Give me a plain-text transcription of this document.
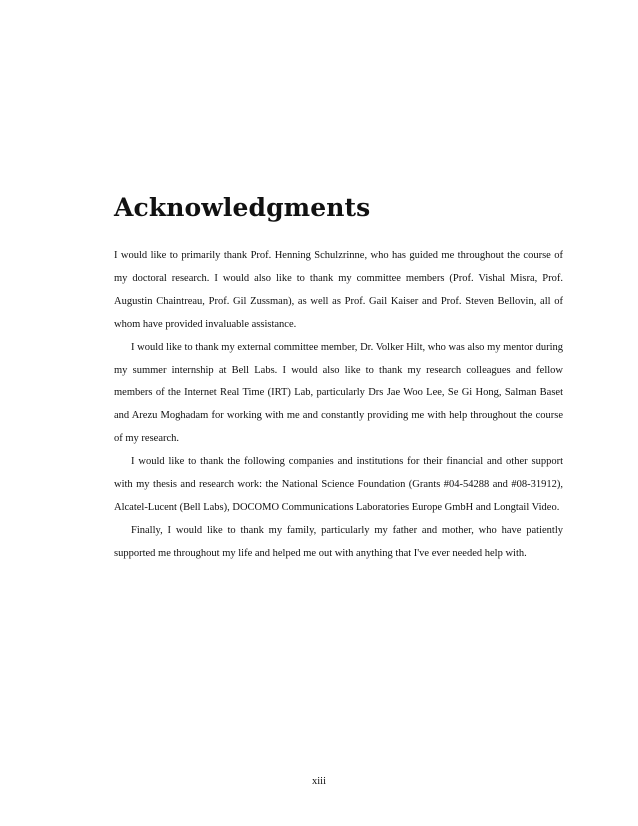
Acknowledgments

I would like to primarily thank Prof. Henning Schulzrinne, who has guided me throughout the course of my doctoral research. I would also like to thank my committee members (Prof. Vishal Misra, Prof. Augustin Chaintreau, Prof. Gil Zussman), as well as Prof. Gail Kaiser and Prof. Steven Bellovin, all of whom have provided invaluable assistance.

I would like to thank my external committee member, Dr. Volker Hilt, who was also my mentor during my summer internship at Bell Labs. I would also like to thank my research colleagues and fellow members of the Internet Real Time (IRT) Lab, particularly Drs Jae Woo Lee, Se Gi Hong, Salman Baset and Arezu Moghadam for working with me and constantly providing me with help throughout the course of my research.

I would like to thank the following companies and institutions for their financial and other support with my thesis and research work: the National Science Foundation (Grants #04-54288 and #08-31912), Alcatel-Lucent (Bell Labs), DOCOMO Communications Laboratories Europe GmbH and Longtail Video.

Finally, I would like to thank my family, particularly my father and mother, who have patiently supported me throughout my life and helped me out with anything that I've ever needed help with.

xiii
